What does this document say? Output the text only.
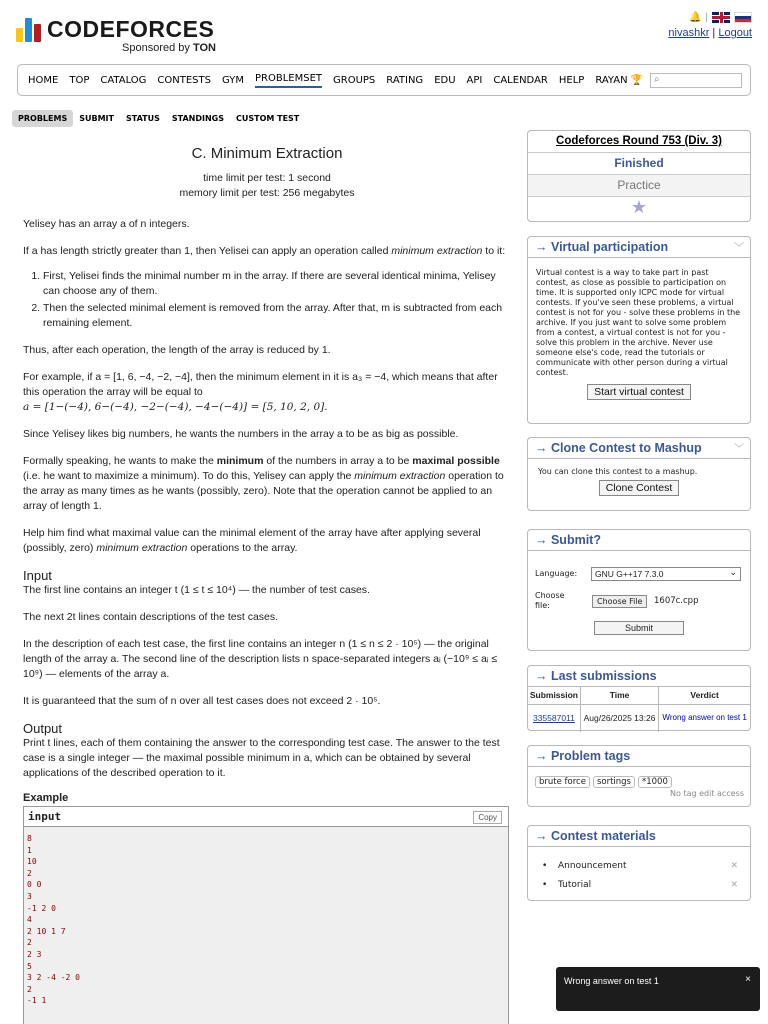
CODEFORCES
Sponsored by TON
🔔 |
nivashkr | Logout
HOME TOP CATALOG CONTESTS GYM PROBLEMSET GROUPS RATING EDU API CALENDAR HELP RAYAN 🏆 ⌕
PROBLEMS	SUBMIT	STATUS	STANDINGS	CUSTOM TEST
C. Minimum Extraction
time limit per test: 1 second
memory limit per test: 256 megabytes
Yelisey has an array a of n integers.
If a has length strictly greater than 1, then Yelisei can apply an operation called minimum extraction to it:
1. First, Yelisei finds the minimal number m in the array. If there are several identical minima, Yelisey can choose any of them.
2. Then the selected minimal element is removed from the array. After that, m is subtracted from each remaining element.
Thus, after each operation, the length of the array is reduced by 1.
For example, if a = [1, 6, −4, −2, −4], then the minimum element in it is a₃ = −4, which means that after this operation the array will be equal to
a = [1−(−4), 6−(−4), −2−(−4), −4−(−4)] = [5, 10, 2, 0].
Since Yelisey likes big numbers, he wants the numbers in the array a to be as big as possible.
Formally speaking, he wants to make the minimum of the numbers in array a to be maximal possible (i.e. he want to maximize a minimum). To do this, Yelisey can apply the minimum extraction operation to the array as many times as he wants (possibly, zero). Note that the operation cannot be applied to an array of length 1.
Help him find what maximal value can the minimal element of the array have after applying several (possibly, zero) minimum extraction operations to the array.
Input
The first line contains an integer t (1 ≤ t ≤ 10⁴) — the number of test cases.
The next 2t lines contain descriptions of the test cases.
In the description of each test case, the first line contains an integer n (1 ≤ n ≤ 2 · 10⁵) — the original length of the array a. The second line of the description lists n space-separated integers aᵢ (−10⁹ ≤ aᵢ ≤ 10⁹) — elements of the array a.
It is guaranteed that the sum of n over all test cases does not exceed 2 · 10⁵.
Output
Print t lines, each of them containing the answer to the corresponding test case. The answer to the test case is a single integer — the maximal possible minimum in a, which can be obtained by several applications of the described operation to it.
Example
input	Copy
8
1
10
2
0 0
3
-1 2 0
4
2 10 1 7
2
2 3
5
3 2 -4 -2 0
2
-1 1
Codeforces Round 753 (Div. 3)
Finished
Practice
★
→ Virtual participation	﹀
Virtual contest is a way to take part in past contest, as close as possible to participation on time. It is supported only ICPC mode for virtual contests. If you've seen these problems, a virtual contest is not for you - solve these problems in the archive. If you just want to solve some problem from a contest, a virtual contest is not for you - solve this problem in the archive. Never use someone else's code, read the tutorials or communicate with other person during a virtual contest.
Start virtual contest
→ Clone Contest to Mashup	﹀
You can clone this contest to a mashup.
Clone Contest
→ Submit?
Language:	GNU G++17 7.3.0	⌄
Choose file:	Choose File	1607c.cpp
Submit
→ Last submissions
Submission	Time	Verdict
335587011	Aug/26/2025 13:26	Wrong answer on test 1
→ Problem tags
brute force	sortings	*1000
No tag edit access
→ Contest materials
• Announcement	✕
• Tutorial	✕
Wrong answer on test 1	×
